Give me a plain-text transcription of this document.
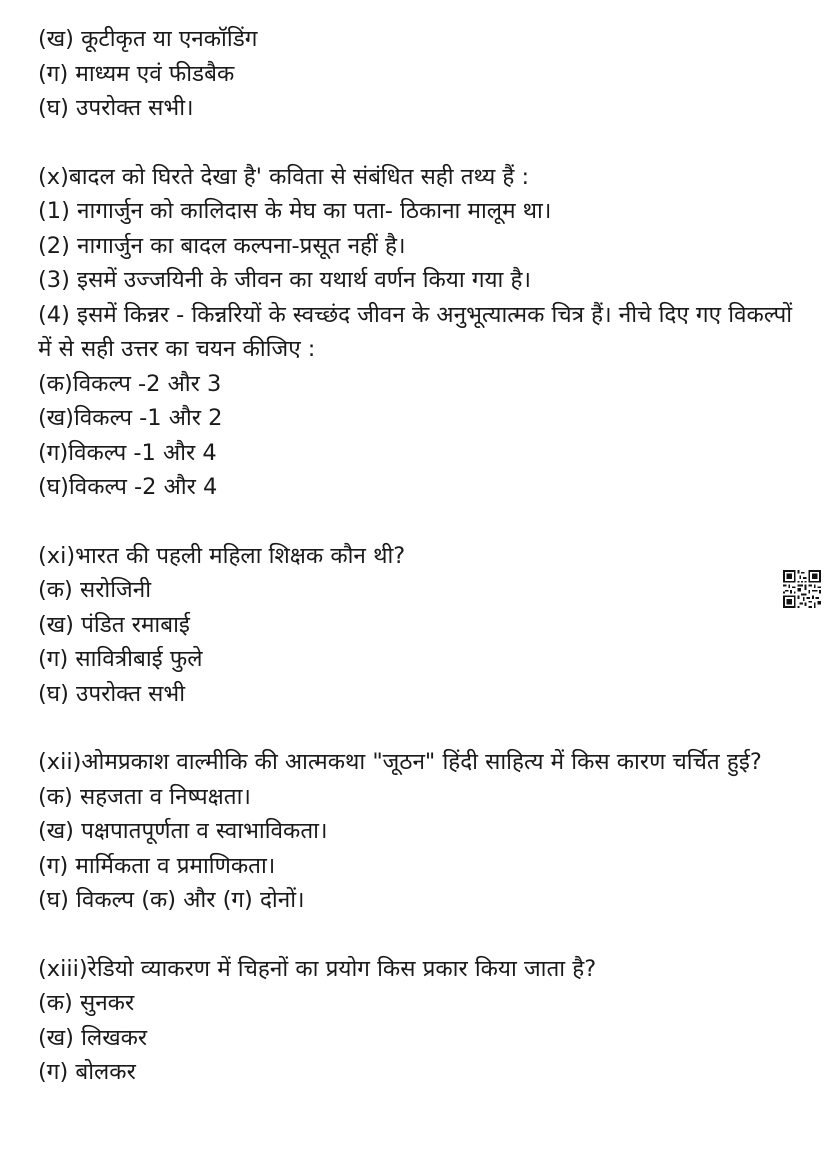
(ख) कूटीकृत या एनकॉडिंग
(ग) माध्यम एवं फीडबैक
(घ) उपरोक्त सभी।
(x)बादल को घिरते देखा है' कविता से संबंधित सही तथ्य हैं :
(1) नागार्जुन को कालिदास के मेघ का पता- ठिकाना मालूम था।
(2) नागार्जुन का बादल कल्पना-प्रसूत नहीं है।
(3) इसमें उज्जयिनी के जीवन का यथार्थ वर्णन किया गया है।
(4) इसमें किन्नर - किन्नरियों के स्वच्छंद जीवन के अनुभूत्यात्मक चित्र हैं। नीचे दिए गए विकल्पों में से सही उत्तर का चयन कीजिए :
(क)विकल्प -2 और 3
(ख)विकल्प -1 और 2
(ग)विकल्प -1 और 4
(घ)विकल्प -2 और 4
(xi)भारत की पहली महिला शिक्षक कौन थी?
(क) सरोजिनी
(ख) पंडित रमाबाई
(ग) सावित्रीबाई फुले
(घ) उपरोक्त सभी
(xii)ओमप्रकाश वाल्मीकि की आत्मकथा "जूठन" हिंदी साहित्य में किस कारण चर्चित हुई?
(क) सहजता व निष्पक्षता।
(ख) पक्षपातपूर्णता व स्वाभाविकता।
(ग) मार्मिकता व प्रमाणिकता।
(घ) विकल्प (क) और (ग) दोनों।
(xiii)रेडियो व्याकरण में चिहनों का प्रयोग किस प्रकार किया जाता है?
(क) सुनकर
(ख) लिखकर
(ग) बोलकर
